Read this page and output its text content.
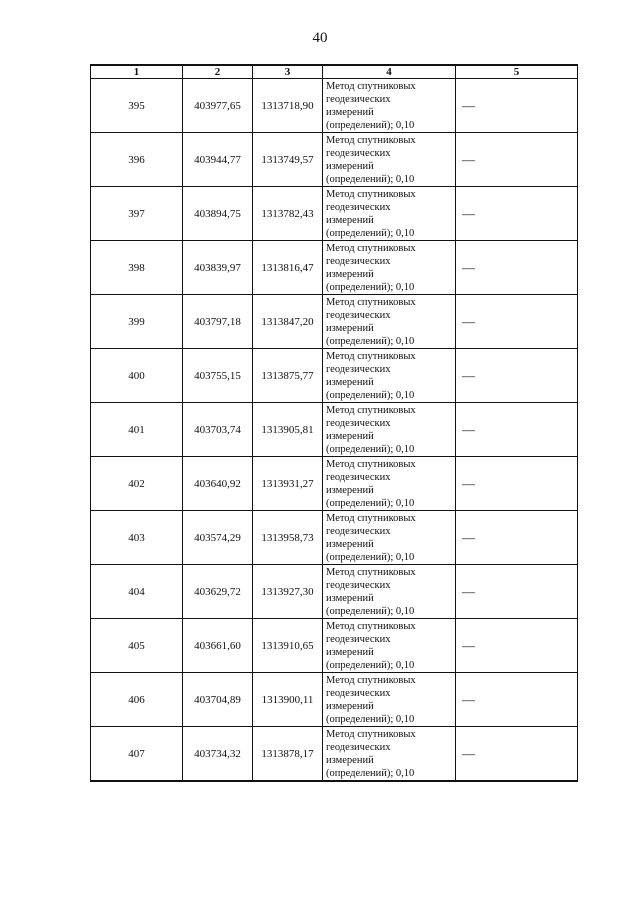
40
1	2	3	4	5
395	403977,65	1313718,90	Метод спутниковых
геодезических
измерений
(определений); 0,10	—
396	403944,77	1313749,57	Метод спутниковых
геодезических
измерений
(определений); 0,10	—
397	403894,75	1313782,43	Метод спутниковых
геодезических
измерений
(определений); 0,10	—
398	403839,97	1313816,47	Метод спутниковых
геодезических
измерений
(определений); 0,10	—
399	403797,18	1313847,20	Метод спутниковых
геодезических
измерений
(определений); 0,10	—
400	403755,15	1313875,77	Метод спутниковых
геодезических
измерений
(определений); 0,10	—
401	403703,74	1313905,81	Метод спутниковых
геодезических
измерений
(определений); 0,10	—
402	403640,92	1313931,27	Метод спутниковых
геодезических
измерений
(определений); 0,10	—
403	403574,29	1313958,73	Метод спутниковых
геодезических
измерений
(определений); 0,10	—
404	403629,72	1313927,30	Метод спутниковых
геодезических
измерений
(определений); 0,10	—
405	403661,60	1313910,65	Метод спутниковых
геодезических
измерений
(определений); 0,10	—
406	403704,89	1313900,11	Метод спутниковых
геодезических
измерений
(определений); 0,10	—
407	403734,32	1313878,17	Метод спутниковых
геодезических
измерений
(определений); 0,10	—
